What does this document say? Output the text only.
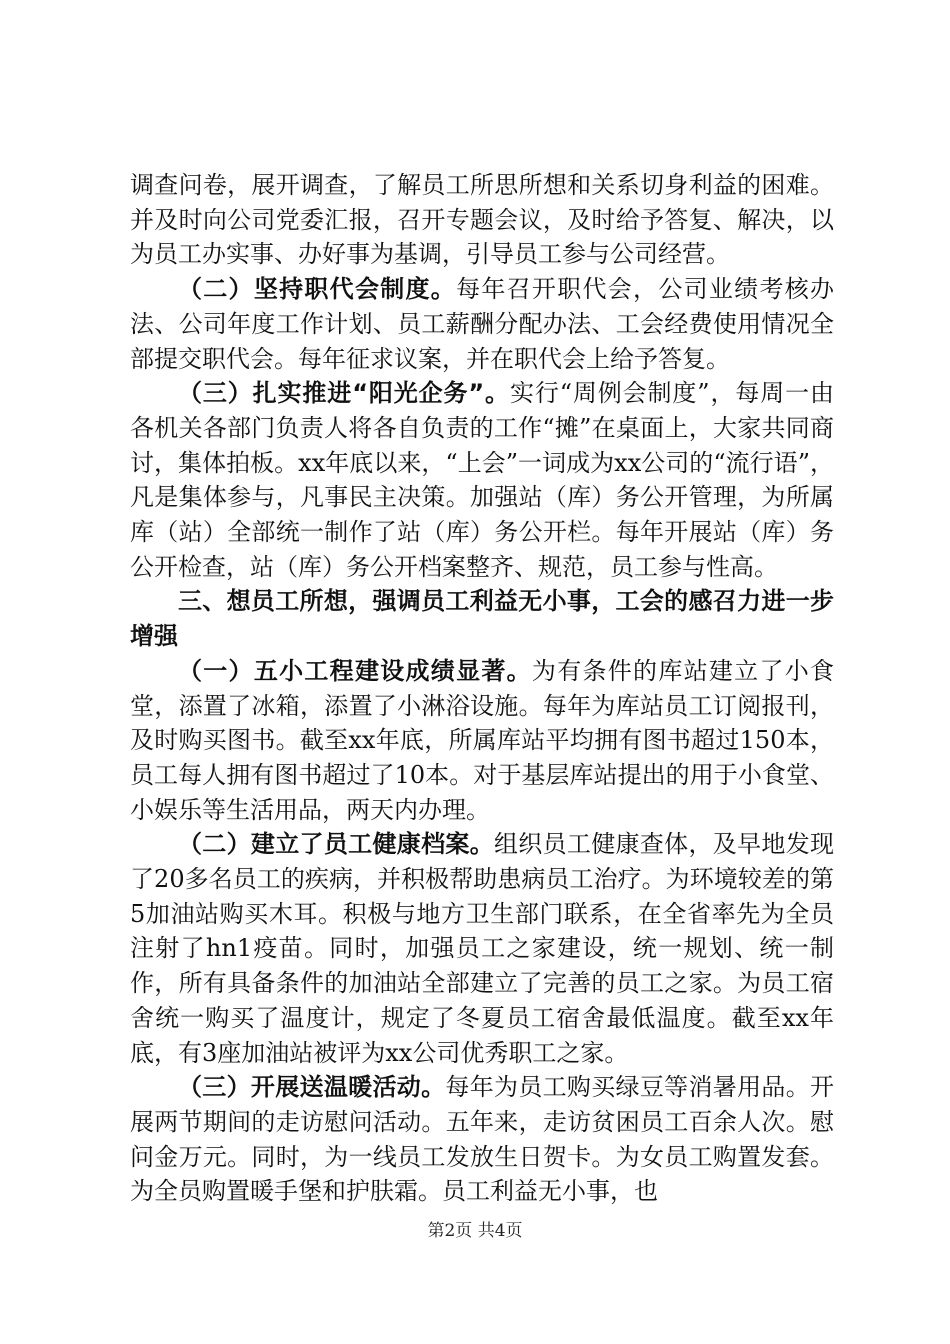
调查问卷，展开调查，了解员工所思所想和关系切身利益的困难。并及时向公司党委汇报，召开专题会议，及时给予答复、解决，以为员工办实事、办好事为基调，引导员工参与公司经营。

（二）坚持职代会制度。每年召开职代会，公司业绩考核办法、公司年度工作计划、员工薪酬分配办法、工会经费使用情况全部提交职代会。每年征求议案，并在职代会上给予答复。

（三）扎实推进“阳光企务”。实行“周例会制度”，每周一由各机关各部门负责人将各自负责的工作“摊”在桌面上，大家共同商讨，集体拍板。xx年底以来，“上会”一词成为xx公司的“流行语”，凡是集体参与，凡事民主决策。加强站（库）务公开管理，为所属库（站）全部统一制作了站（库）务公开栏。每年开展站（库）务公开检查，站（库）务公开档案整齐、规范，员工参与性高。

三、想员工所想，强调员工利益无小事，工会的感召力进一步增强

（一）五小工程建设成绩显著。为有条件的库站建立了小食堂，添置了冰箱，添置了小淋浴设施。每年为库站员工订阅报刊，及时购买图书。截至xx年底，所属库站平均拥有图书超过150本，员工每人拥有图书超过了10本。对于基层库站提出的用于小食堂、小娱乐等生活用品，两天内办理。

（二）建立了员工健康档案。组织员工健康查体，及早地发现了20多名员工的疾病，并积极帮助患病员工治疗。为环境较差的第5加油站购买木耳。积极与地方卫生部门联系，在全省率先为全员注射了hn1疫苗。同时，加强员工之家建设，统一规划、统一制作，所有具备条件的加油站全部建立了完善的员工之家。为员工宿舍统一购买了温度计，规定了冬夏员工宿舍最低温度。截至xx年底，有3座加油站被评为xx公司优秀职工之家。

（三）开展送温暖活动。每年为员工购买绿豆等消暑用品。开展两节期间的走访慰问活动。五年来，走访贫困员工百余人次。慰问金万元。同时，为一线员工发放生日贺卡。为女员工购置发套。为全员购置暖手堡和护肤霜。员工利益无小事，也

第2页 共4页
